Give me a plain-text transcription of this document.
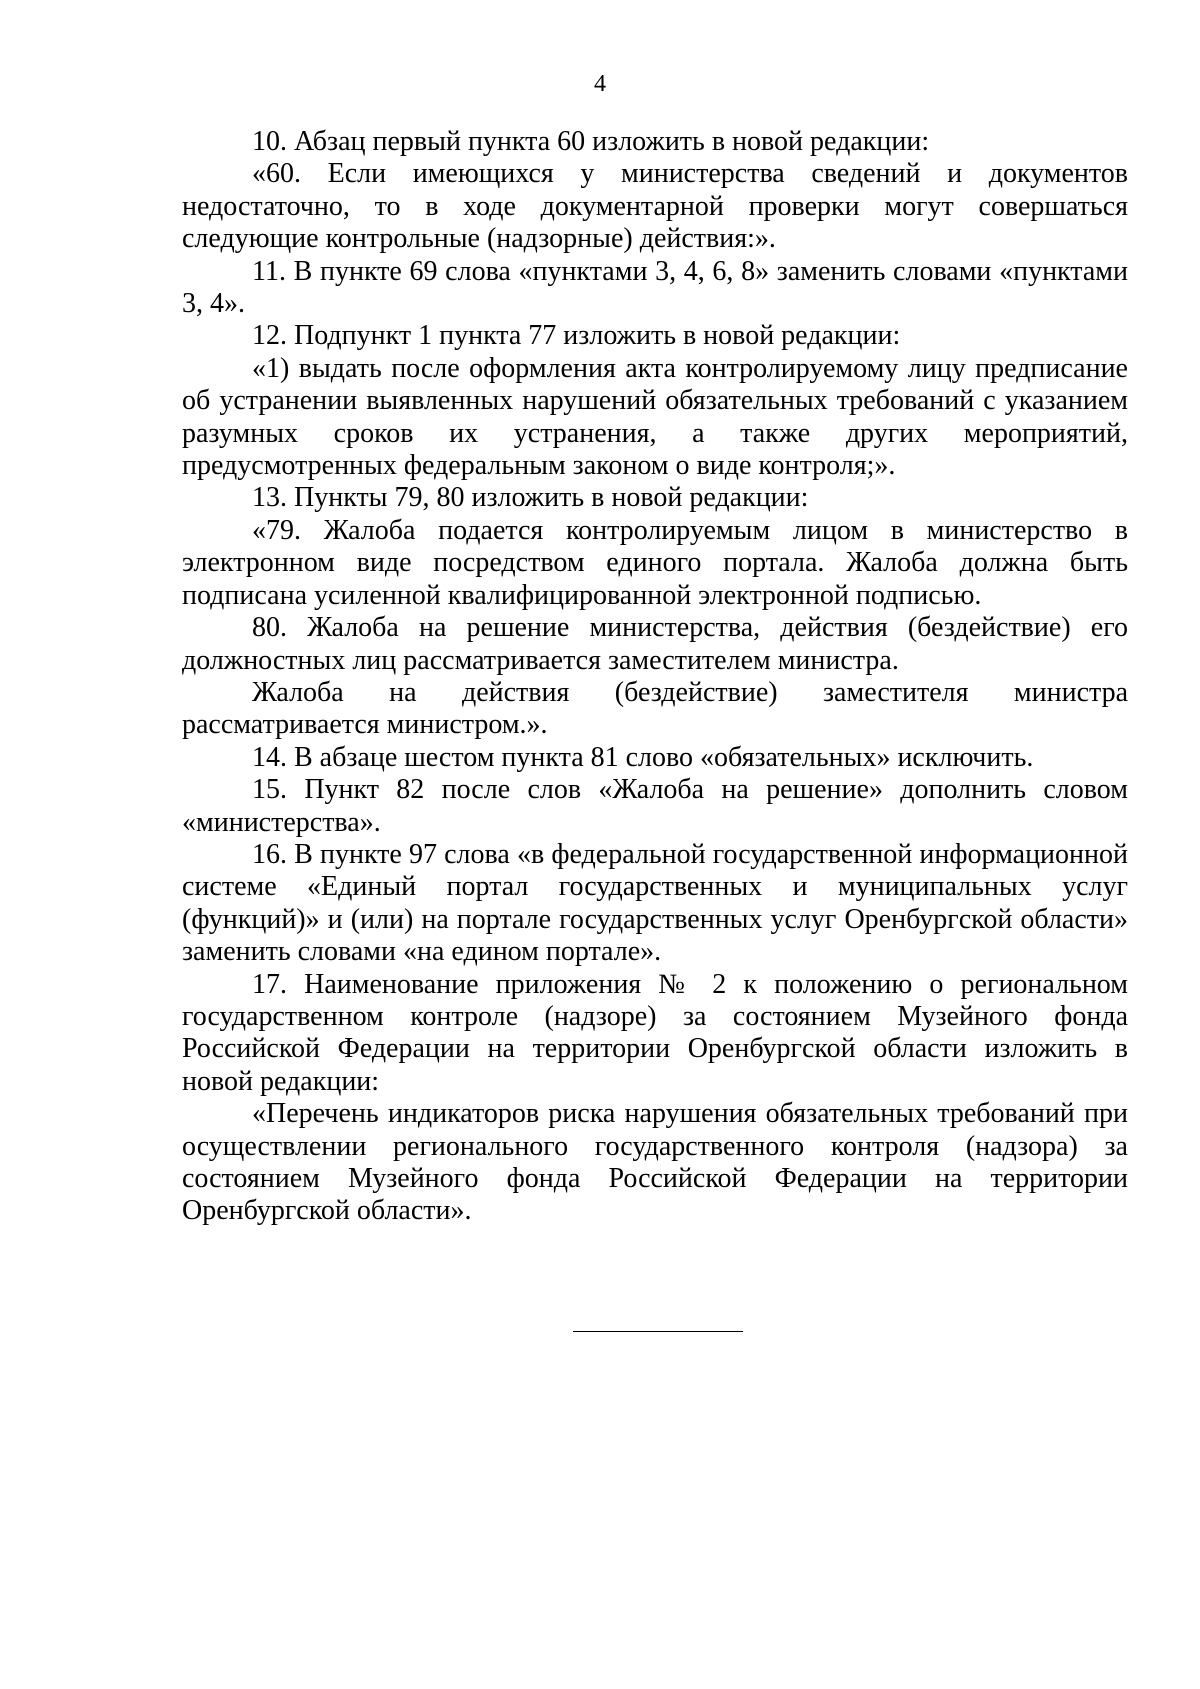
4

10. Абзац первый пункта 60 изложить в новой редакции:

«60. Если имеющихся у министерства сведений и документов недостаточно, то в ходе документарной проверки могут совершаться следующие контрольные (надзорные) действия:».

11. В пункте 69 слова «пунктами 3, 4, 6, 8» заменить словами «пунктами 3, 4».

12. Подпункт 1 пункта 77 изложить в новой редакции:

«1) выдать после оформления акта контролируемому лицу предписание об устранении выявленных нарушений обязательных требований с указанием разумных сроков их устранения, а также других мероприятий, предусмотренных федеральным законом о виде контроля;».

13. Пункты 79, 80 изложить в новой редакции:

«79. Жалоба подается контролируемым лицом в министерство в электронном виде посредством единого портала. Жалоба должна быть подписана усиленной квалифицированной электронной подписью.

80. Жалоба на решение министерства, действия (бездействие) его должностных лиц рассматривается заместителем министра.

Жалоба на действия (бездействие) заместителя министра рассматривается министром.».

14. В абзаце шестом пункта 81 слово «обязательных» исключить.

15. Пункт 82 после слов «Жалоба на решение» дополнить словом «министерства».

16. В пункте 97 слова «в федеральной государственной информационной системе «Единый портал государственных и муниципальных услуг (функций)» и (или) на портале государственных услуг Оренбургской области» заменить словами «на едином портале».

17. Наименование приложения № 2 к положению о региональном государственном контроле (надзоре) за состоянием Музейного фонда Российской Федерации на территории Оренбургской области изложить в новой редакции:

«Перечень индикаторов риска нарушения обязательных требований при осуществлении регионального государственного контроля (надзора) за состоянием Музейного фонда Российской Федерации на территории Оренбургской области».
